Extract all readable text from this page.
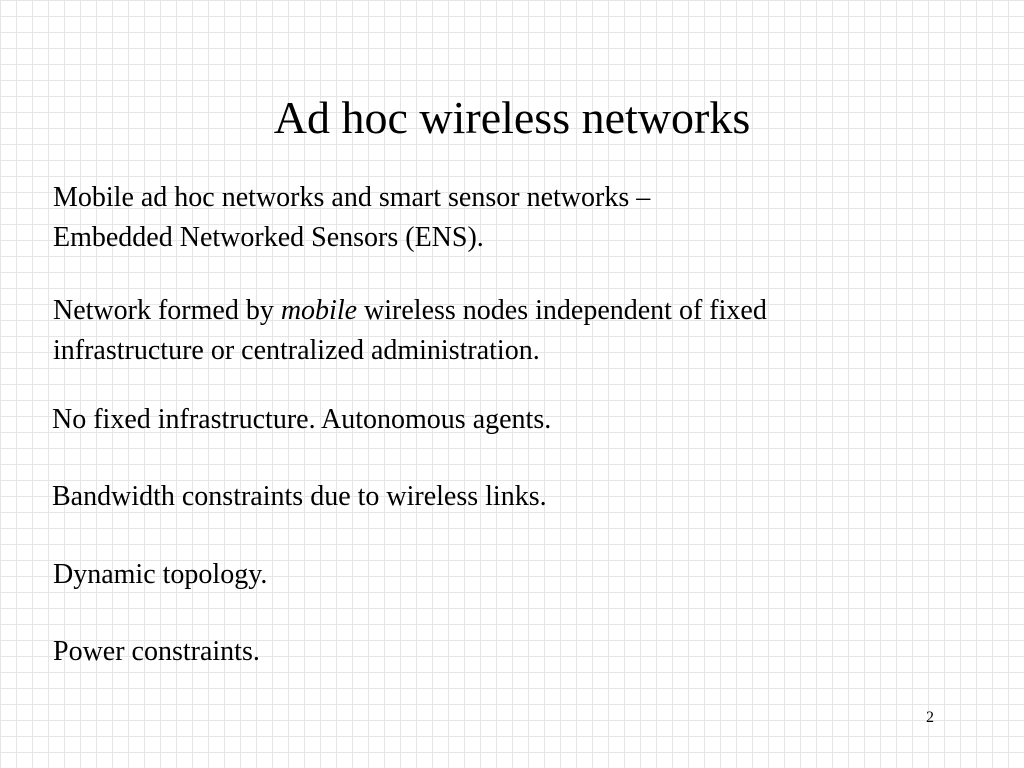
Ad hoc wireless networks

Mobile ad hoc networks and smart sensor networks –
Embedded Networked Sensors (ENS).

Network formed by mobile wireless nodes independent of fixed
infrastructure or centralized administration.

No fixed infrastructure. Autonomous agents.

Bandwidth constraints due to wireless links.

Dynamic topology.

Power constraints.

2
